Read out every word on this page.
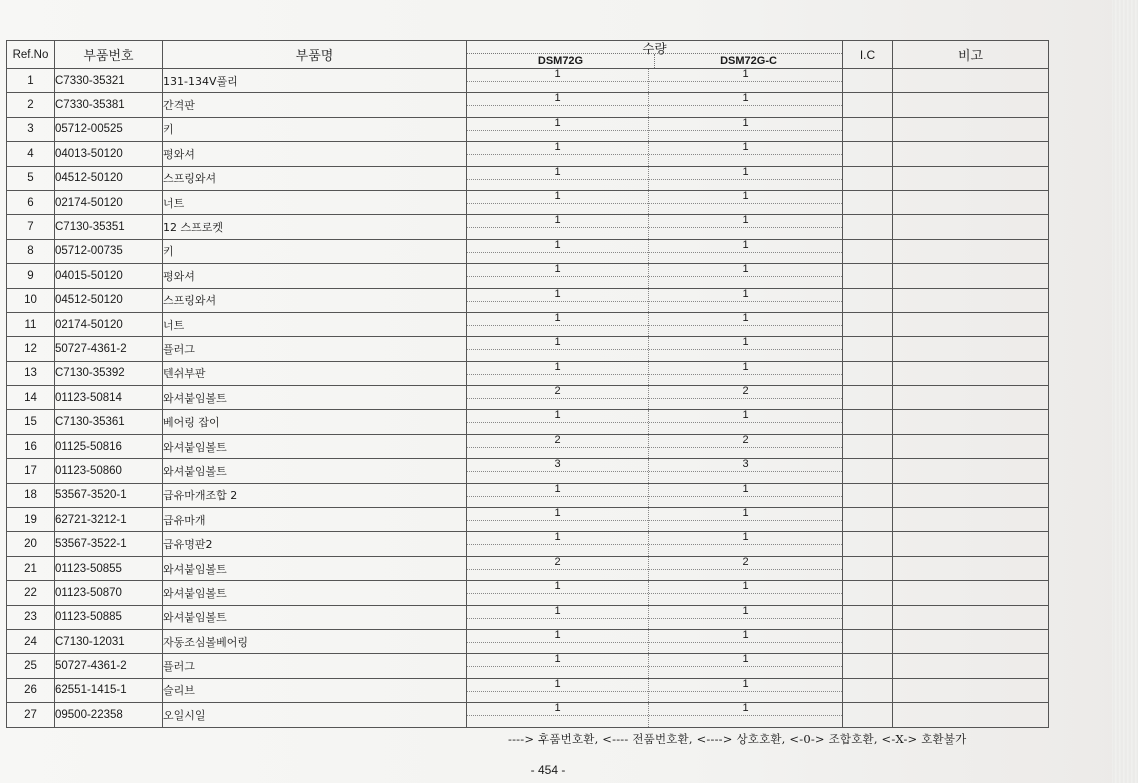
Ref.No	부품번호	부품명	수량
DSM72G DSM72G-C		I.C	비고
1	C7330-35321	131-134V풀리	1	1		

2	C7330-35381	간격판	1	1		

3	05712-00525	키	1	1		

4	04013-50120	평와셔	1	1		

5	04512-50120	스프링와셔	1	1		

6	02174-50120	너트	1	1		

7	C7130-35351	12 스프로켓	1	1		

8	05712-00735	키	1	1		

9	04015-50120	평와셔	1	1		

10	04512-50120	스프링와셔	1	1		

11	02174-50120	너트	1	1		

12	50727-4361-2	플러그	1	1		

13	C7130-35392	텐쉬부판	1	1		

14	01123-50814	와셔붙임볼트	2	2		

15	C7130-35361	베어링 잡이	1	1		

16	01125-50816	와셔붙임볼트	2	2		

17	01123-50860	와셔붙임볼트	3	3		

18	53567-3520-1	급유마개조합 2	1	1		

19	62721-3212-1	급유마개	1	1		

20	53567-3522-1	급유명판2	1	1		

21	01123-50855	와셔붙임볼트	2	2		

22	01123-50870	와셔붙임볼트	1	1		

23	01123-50885	와셔붙임볼트	1	1		

24	C7130-12031	자동조심볼베어링	1	1		

25	50727-4361-2	플러그	1	1		

26	62551-1415-1	슬리브	1	1		

27	09500-22358	오일시일	1	1		

----> 후품번호환, <---- 전품번호환, <----> 상호호환, <-0-> 조합호환, <-X-> 호환불가
- 454 -
